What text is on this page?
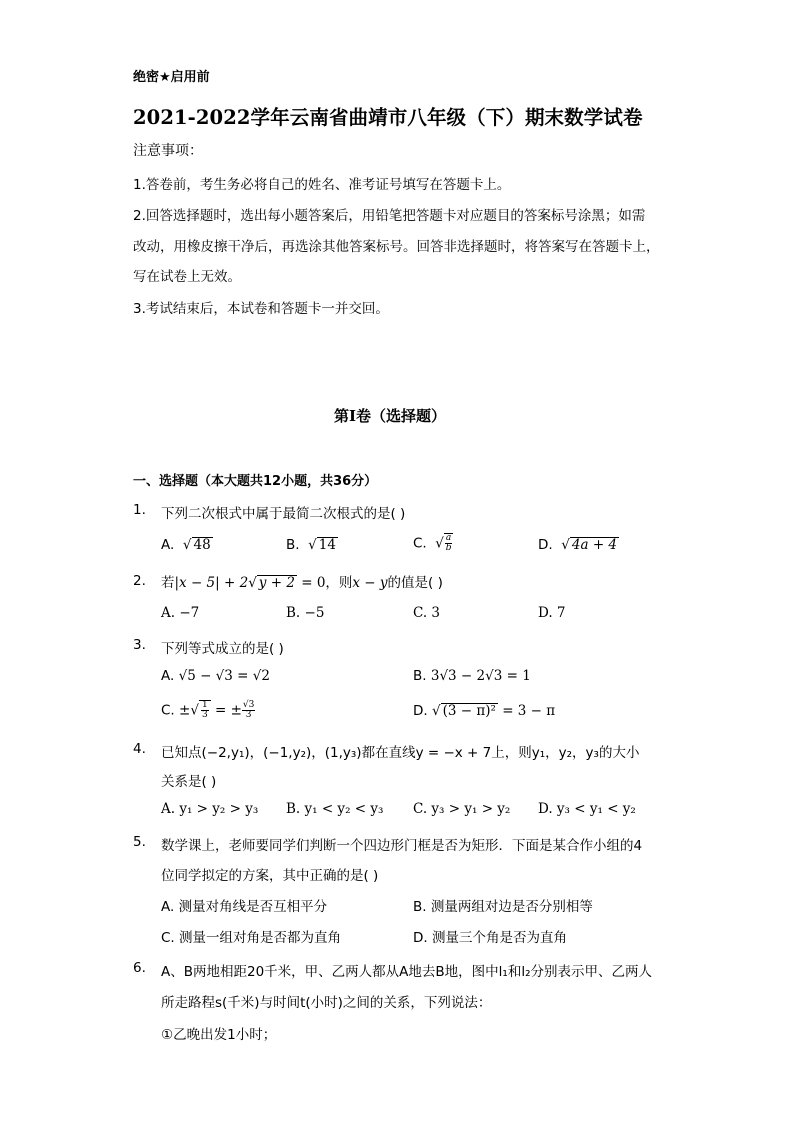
绝密★启用前
2021-2022学年云南省曲靖市八年级（下）期末数学试卷
注意事项：
1.答卷前，考生务必将自己的姓名、准考证号填写在答题卡上。
2.回答选择题时，选出每小题答案后，用铅笔把答题卡对应题目的答案标号涂黑；如需
改动，用橡皮擦干净后，再选涂其他答案标号。回答非选择题时，将答案写在答题卡上，
写在试卷上无效。
3.考试结束后，本试卷和答题卡一并交回。
第Ⅰ卷（选择题）
一、选择题（本大题共12小题，共36分）
1. 下列二次根式中属于最简二次根式的是( )
A.  √ 48	B.  √ 14	C.  √ $\frac{a}{b}$	D.  √ 4a + 4
2. 若|x − 5| + 2√ y + 2 = 0，则x − y的值是( )
A. −7	B. −5	C. 3	D. 7
3. 下列等式成立的是( )
A. √5 − √3 = √2	B. 3√3 − 2√3 = 1
C. ±√ $\frac{1}{3}$ = ± $\frac{√3}{3}$	D. √ (3 − π)² = 3 − π
4. 已知点(−2,y₁)，(−1,y₂)，(1,y₃)都在直线y = −x + 7上，则y₁，y₂，y₃的大小
关系是( )
A. y₁ > y₂ > y₃ B. y₁ < y₂ < y₃ C. y₃ > y₁ > y₂ D. y₃ < y₁ < y₂
5. 数学课上，老师要同学们判断一个四边形门框是否为矩形．下面是某合作小组的4
位同学拟定的方案，其中正确的是( )
A. 测量对角线是否互相平分	B. 测量两组对边是否分别相等
C. 测量一组对角是否都为直角	D. 测量三个角是否为直角
6. A、B两地相距20千米，甲、乙两人都从A地去B地，图中l₁和l₂分别表示甲、乙两人
所走路程s(千米)与时间t(小时)之间的关系，下列说法：
①乙晚出发1小时；
